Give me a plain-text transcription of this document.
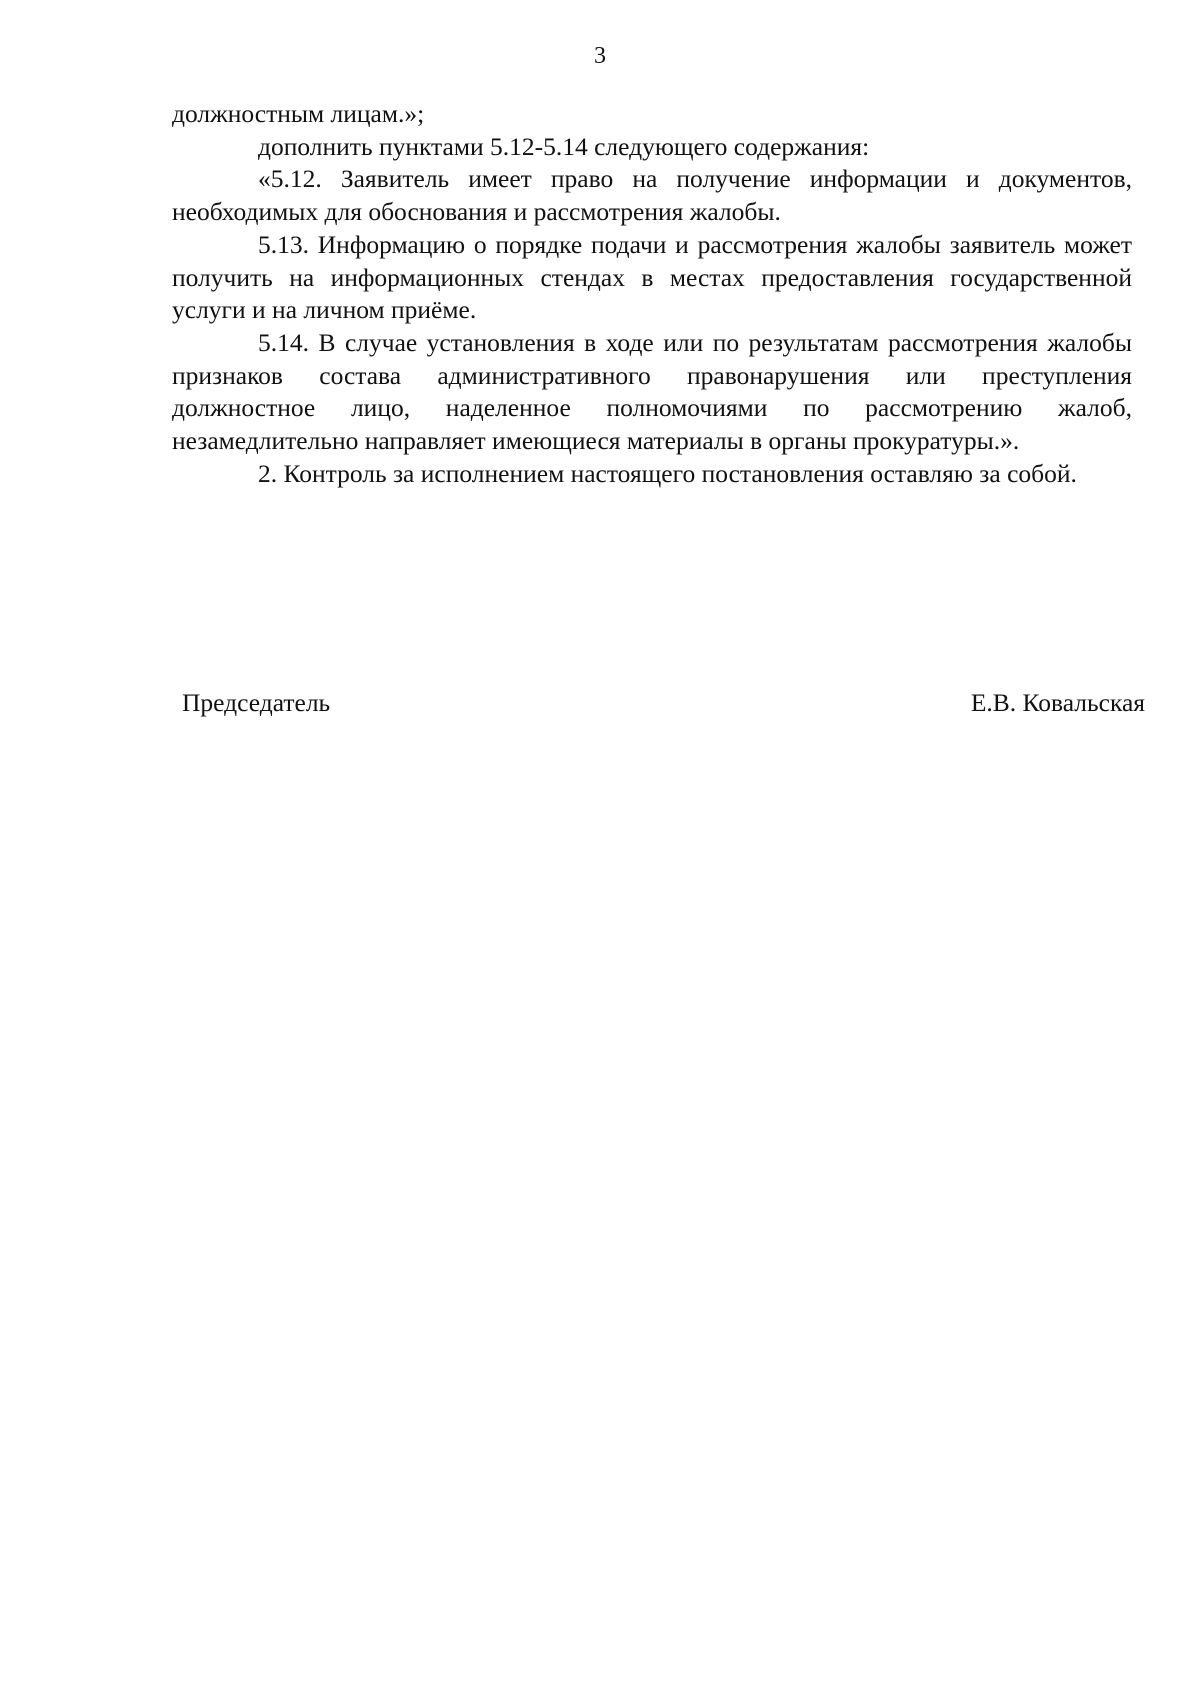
3

должностным лицам.»;

дополнить пунктами 5.12-5.14 следующего содержания:

«5.12. Заявитель имеет право на получение информации и документов, необходимых для обоснования и рассмотрения жалобы.

5.13. Информацию о порядке подачи и рассмотрения жалобы заявитель может получить на информационных стендах в местах предоставления государственной услуги и на личном приёме.

5.14. В случае установления в ходе или по результатам рассмотрения жалобы признаков состава административного правонарушения или преступления должностное лицо, наделенное полномочиями по рассмотрению жалоб, незамедлительно направляет имеющиеся материалы в органы прокуратуры.».

2. Контроль за исполнением настоящего постановления оставляю за собой.

Председатель	Е.В. Ковальская
